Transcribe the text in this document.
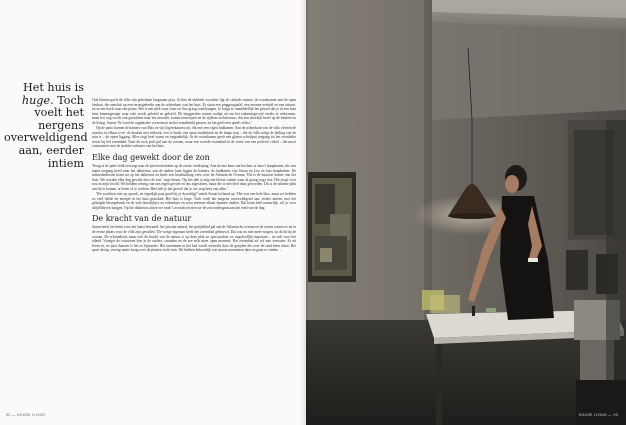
Het huis is huge. Toch voelt het nergens overweldigend aan, eerder intiem

Ook binnen geeft de villa zijn geheimen langzaam prijs. Achter de dubbele voordeur ligt de centrale ruimte, de woonkamer met de open keuken, die aansluit op een terrasgedeelte aan de achterkant van het huis. Er staan een pingpongtafel, een enorme eettafel en een tuinset, en in een hoek staat een piano. Het is een plek waar Jano en Soo graag rond hangen. Je krijgt er onmiddellijk het gevoel dat je in een huis bent binnengestapt waar echt wordt geleefd en geleefd. De langgerekte ruimte nodigt uit om het vakantiegevoel verder te verkennen, maar het oog wordt ook getrokken naar het zeezicht, kunstvoorwerpen en de tijdloze architectuur, dat een doorkijk heeft op de keuken en de living. Susan: 'Ik vond de organische vorm mooi en het totaalbeeld passen, en het geeft een speels effect.'

Op de patio komen de kamers van Max en vijf logeerkamers uit, elk met een eigen badkamer. Aan de achterkant van de villa vloeien de ruimtes in elkaar over: de keuken met eethoek, een tv-hoek, een open studiehoek en de lange trap – die de villa welgt de helling van de tuin is – de opzet ligging. Alles oogt heel warm en toegankelijk. In de woonkamer geeft een glazen schuifpui toegang tot het overdekte terras bij het zwembad. Naar de rock pool pal aan de oceaan, maar een tweede zwembad in de vorm van een perfecte cirkel – die mooi contrasteert met de strakke volumes van het huis.

Elke dag gewekt door de zon

Terug in de patio leidt een trap naar de privévertrekken op de eerste verdieping. Aan de ene kant van het huis is Jano's slaapkamer, die een eigen toegang heeft naar het dakterras, aan de andere kant liggen de kamers, de badkamer van Susan en Leo en hun slaapkamer. De masterbedroom komt uit op het dakterras en heeft een breathtaking view over de Atlantische Oceaan. 'Dit is de mooiste kamer van het huis. We worden elke dag gewekt door de zon,' zegt Susan. 'Op het dak is nog een kleine ruimte waar ik graag yoga doe. Die zorgt voor rust in mijn hoofd. We hebben weinig van ons eigen gevoel en ons afgesloten, maar die is niet heel duur geworden. Dit is de ultieme plek om bij te komen, te lezen of te werken. Hier heb je het gevoel dat je ver weg bent van alles.'

'We wachtten niet op opwek, en eigenlijk past goed bij je doordrijg!' merkt Susan lachend op. 'Het was een hele klus, maar we hebben zo veel liefde en energie in het huis gestoken. Het huis is huge. Toch voelt het nergens overweldigend aan, eerder intiem, met het gelaagde kleurgebruik en de vele doorkijkjes en zithoekjes en waar mensen elkaar kunnen vinden. Dat komt heel natuurlijk, wil je voor altijd blijven hangen. Op het dakterras zitten we vaak 's avonds en zien we de zon ondergaan aan het eind van de dag.'

De kracht van de natuur

Susan heeft het beste voor het laatst bewaard: het piscina natural, het getijdebad pal aan de Atlantische oceaan en de rotsen waarover en in de eerste plaats voor de villa zijn gevallen. 'De vorige eigenaar heeft het zwembad gebouwd. Dat zou nu niet meer mogen, zo dicht bij de oceaan. De schoonheid, maar ook de kracht van de natuur is op deze plek zo spectaculair, zo ongelooflijk imposant – en ook voor het eiland. Vroeger de vuurtoren kon je de surfers, stranden en de zee echt meer open moment. Het zwembad zit vol met zeewater. Er zit leven in, en juist daarom is het zo bijzonder. Het zwemmen in het bad wordt versterkt door de getijden die over de rand heen slaan. Het spuit dertig, veertig meter hoog over de plaaten in de tuin. We hebben behoorlijk wat mooie momenten daar en gaan te vinden →

92 — HOUSE LIVING	HOUSE LIVING — 93
